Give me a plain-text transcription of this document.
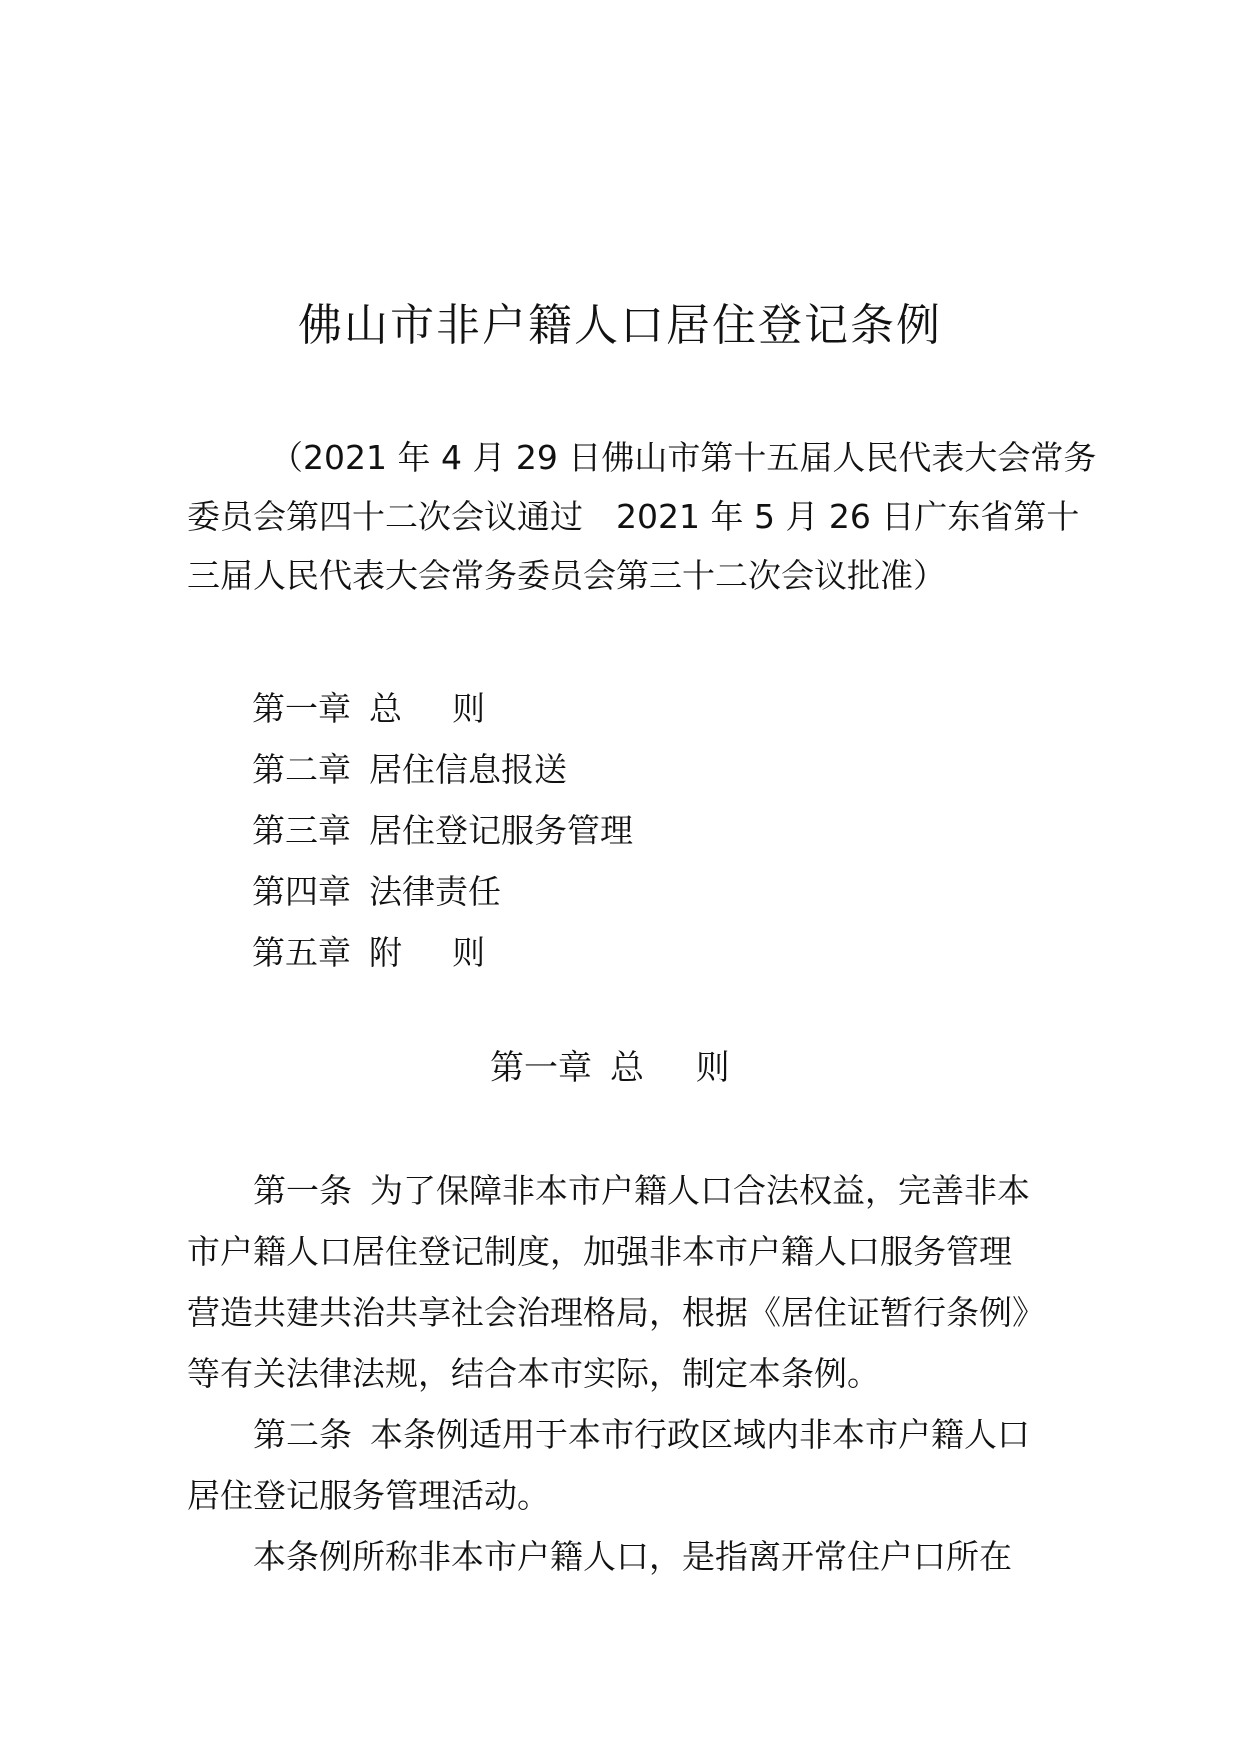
佛山市非户籍人口居住登记条例
（2021 年 4 月 29 日佛山市第十五届人民代表大会常务
委员会第四十二次会议通过　2021 年 5 月 26 日广东省第十
三届人民代表大会常务委员会第三十二次会议批准）
第一章 总 则
第二章 居住信息报送
第三章 居住登记服务管理
第四章 法律责任
第五章 附 则
第一章 总 则
第一条 为了保障非本市户籍人口合法权益，完善非本
市户籍人口居住登记制度，加强非本市户籍人口服务管理
营造共建共治共享社会治理格局，根据《居住证暂行条例》
等有关法律法规，结合本市实际，制定本条例。
第二条 本条例适用于本市行政区域内非本市户籍人口
居住登记服务管理活动。
本条例所称非本市户籍人口，是指离开常住户口所在
